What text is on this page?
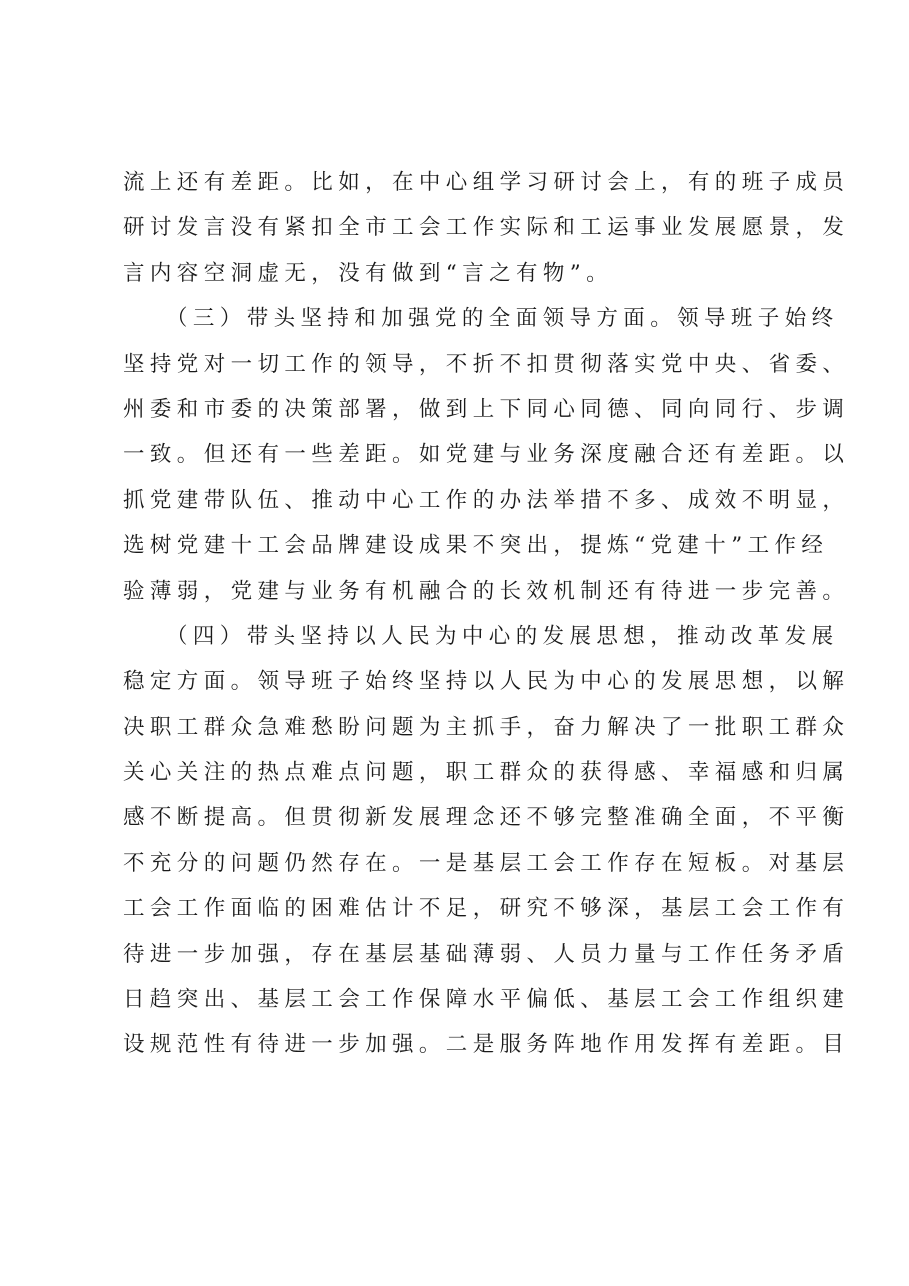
流上还有差距。比如，在中心组学习研讨会上，有的班子成员
研讨发言没有紧扣全市工会工作实际和工运事业发展愿景，发
言内容空洞虚无，没有做到“言之有物”。
（三）带头坚持和加强党的全面领导方面。领导班子始终
坚持党对一切工作的领导，不折不扣贯彻落实党中央、省委、
州委和市委的决策部署，做到上下同心同德、同向同行、步调
一致。但还有一些差距。如党建与业务深度融合还有差距。以
抓党建带队伍、推动中心工作的办法举措不多、成效不明显，
选树党建十工会品牌建设成果不突出，提炼“党建十”工作经
验薄弱，党建与业务有机融合的长效机制还有待进一步完善。
（四）带头坚持以人民为中心的发展思想，推动改革发展
稳定方面。领导班子始终坚持以人民为中心的发展思想，以解
决职工群众急难愁盼问题为主抓手，奋力解决了一批职工群众
关心关注的热点难点问题，职工群众的获得感、幸福感和归属
感不断提高。但贯彻新发展理念还不够完整准确全面，不平衡
不充分的问题仍然存在。一是基层工会工作存在短板。对基层
工会工作面临的困难估计不足，研究不够深，基层工会工作有
待进一步加强，存在基层基础薄弱、人员力量与工作任务矛盾
日趋突出、基层工会工作保障水平偏低、基层工会工作组织建
设规范性有待进一步加强。二是服务阵地作用发挥有差距。目
